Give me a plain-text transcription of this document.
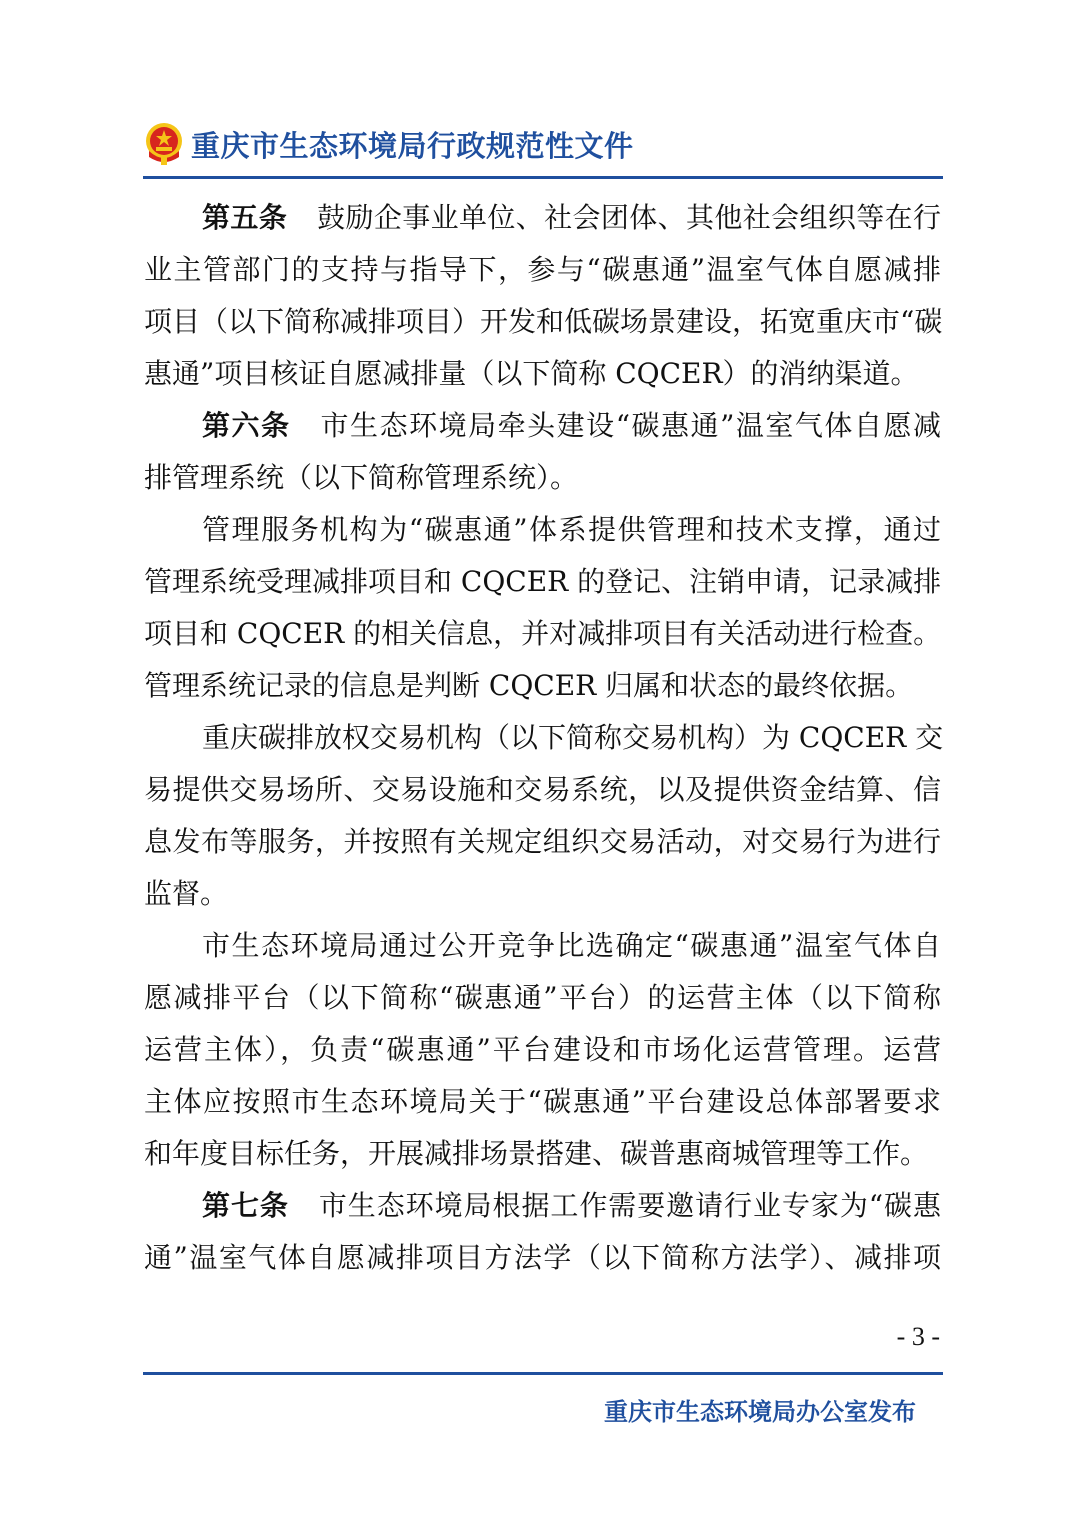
重庆市生态环境局行政规范性文件
第五条 鼓励企事业单位、社会团体、其他社会组织等在行
业主管部门的支持与指导下，参与“碳惠通”温室气体自愿减排
项目（以下简称减排项目）开发和低碳场景建设，拓宽重庆市“碳
惠通”项目核证自愿减排量（以下简称 CQCER）的消纳渠道。
第六条 市生态环境局牵头建设“碳惠通”温室气体自愿减
排管理系统（以下简称管理系统）。
管理服务机构为“碳惠通”体系提供管理和技术支撑，通过
管理系统受理减排项目和 CQCER 的登记、注销申请，记录减排
项目和 CQCER 的相关信息，并对减排项目有关活动进行检查。
管理系统记录的信息是判断 CQCER 归属和状态的最终依据。
重庆碳排放权交易机构（以下简称交易机构）为 CQCER 交
易提供交易场所、交易设施和交易系统，以及提供资金结算、信
息发布等服务，并按照有关规定组织交易活动，对交易行为进行
监督。
市生态环境局通过公开竞争比选确定“碳惠通”温室气体自
愿减排平台（以下简称“碳惠通”平台）的运营主体（以下简称
运营主体），负责“碳惠通”平台建设和市场化运营管理。运营
主体应按照市生态环境局关于“碳惠通”平台建设总体部署要求
和年度目标任务，开展减排场景搭建、碳普惠商城管理等工作。
第七条 市生态环境局根据工作需要邀请行业专家为“碳惠
通”温室气体自愿减排项目方法学（以下简称方法学）、减排项
- 3 -
重庆市生态环境局办公室发布
